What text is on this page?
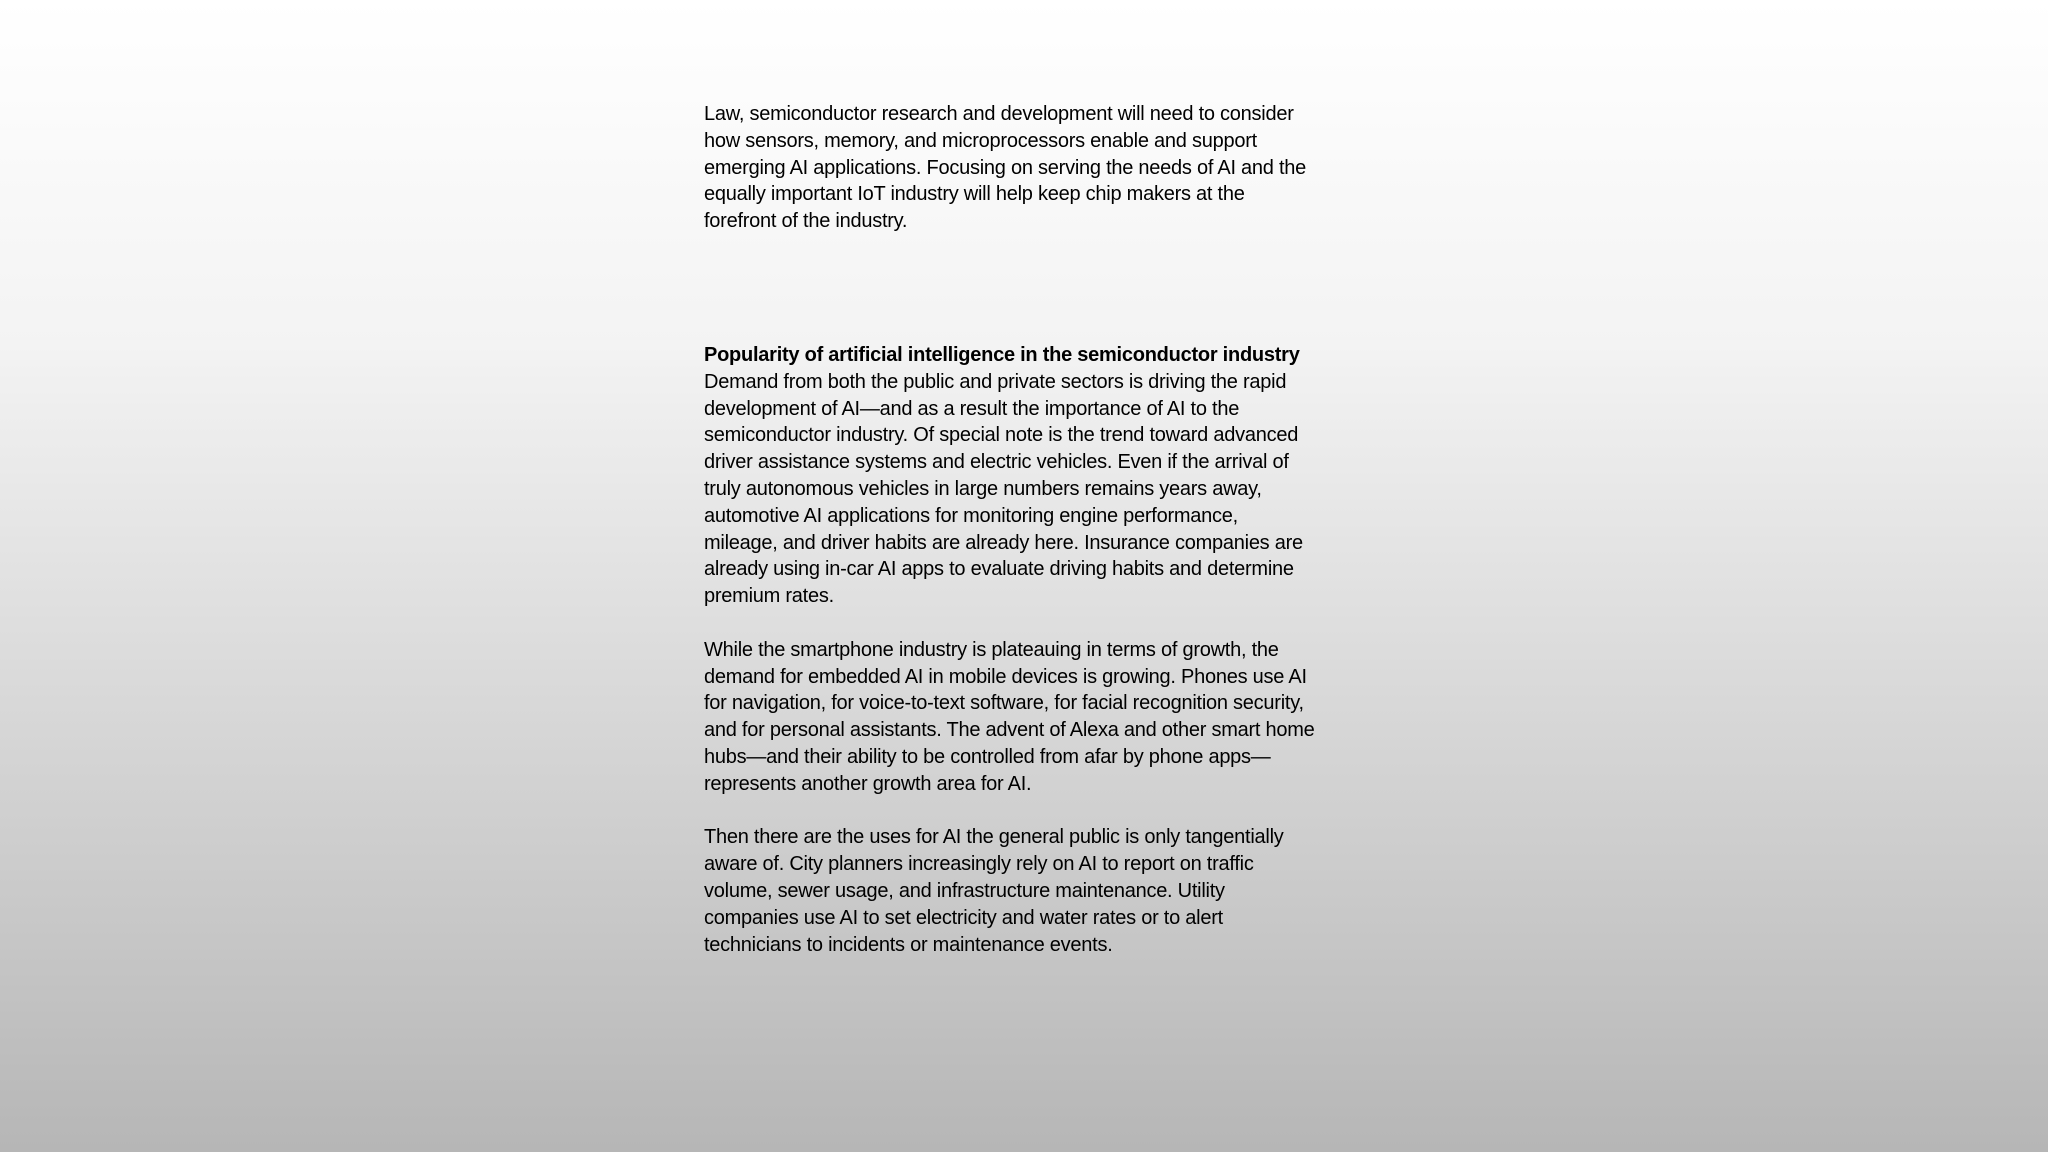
Law, semiconductor research and development will need to consider
how sensors, memory, and microprocessors enable and support
emerging AI applications. Focusing on serving the needs of AI and the
equally important IoT industry will help keep chip makers at the
forefront of the industry.

Popularity of artificial intelligence in the semiconductor industry
Demand from both the public and private sectors is driving the rapid
development of AI—and as a result the importance of AI to the
semiconductor industry. Of special note is the trend toward advanced
driver assistance systems and electric vehicles. Even if the arrival of
truly autonomous vehicles in large numbers remains years away,
automotive AI applications for monitoring engine performance,
mileage, and driver habits are already here. Insurance companies are
already using in-car AI apps to evaluate driving habits and determine
premium rates.

While the smartphone industry is plateauing in terms of growth, the
demand for embedded AI in mobile devices is growing. Phones use AI
for navigation, for voice-to-text software, for facial recognition security,
and for personal assistants. The advent of Alexa and other smart home
hubs—and their ability to be controlled from afar by phone apps—
represents another growth area for AI.

Then there are the uses for AI the general public is only tangentially
aware of. City planners increasingly rely on AI to report on traffic
volume, sewer usage, and infrastructure maintenance. Utility
companies use AI to set electricity and water rates or to alert
technicians to incidents or maintenance events.
